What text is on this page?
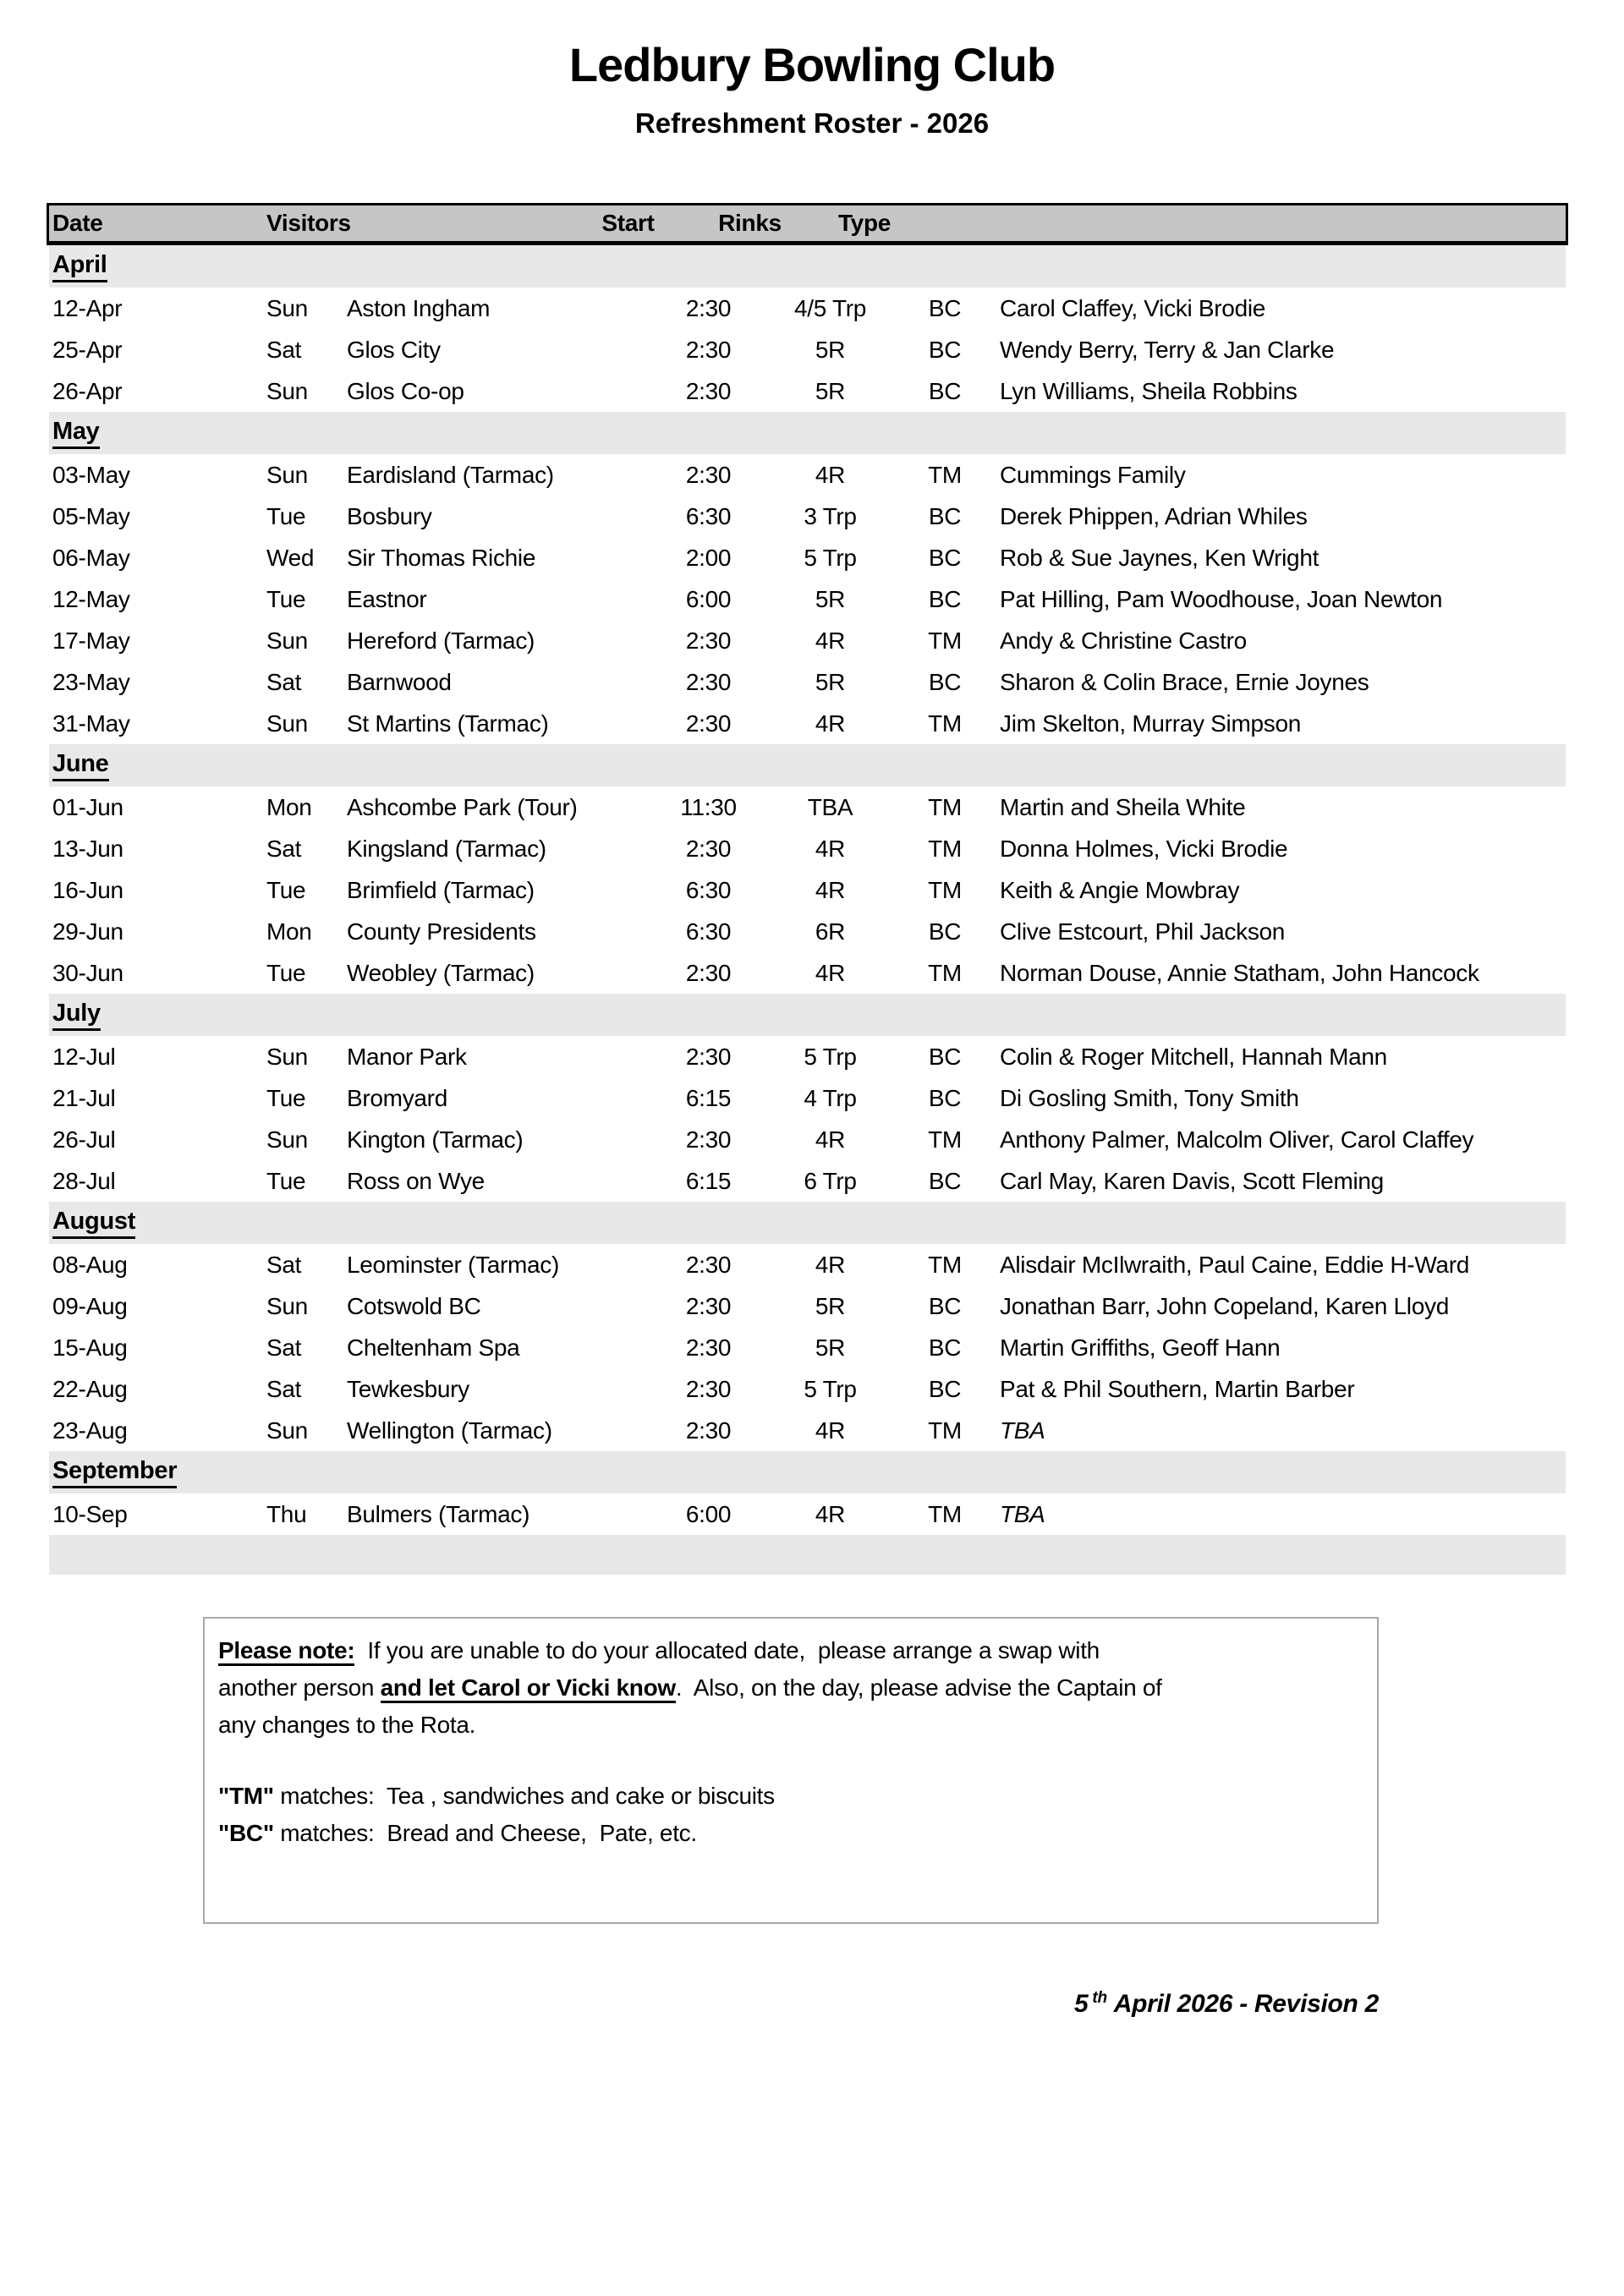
Ledbury Bowling Club
Refreshment Roster - 2026
Date	Visitors	Start	Rinks	Type
April
12-Apr	Sun	Aston Ingham	2:30	4/5 Trp	BC	Carol Claffey, Vicki Brodie
25-Apr	Sat	Glos City	2:30	5R	BC	Wendy Berry, Terry & Jan Clarke
26-Apr	Sun	Glos Co-op	2:30	5R	BC	Lyn Williams, Sheila Robbins
May
03-May	Sun	Eardisland (Tarmac)	2:30	4R	TM	Cummings Family
05-May	Tue	Bosbury	6:30	3 Trp	BC	Derek Phippen, Adrian Whiles
06-May	Wed	Sir Thomas Richie	2:00	5 Trp	BC	Rob & Sue Jaynes, Ken Wright
12-May	Tue	Eastnor	6:00	5R	BC	Pat Hilling, Pam Woodhouse, Joan Newton
17-May	Sun	Hereford (Tarmac)	2:30	4R	TM	Andy & Christine Castro
23-May	Sat	Barnwood	2:30	5R	BC	Sharon & Colin Brace, Ernie Joynes
31-May	Sun	St Martins (Tarmac)	2:30	4R	TM	Jim Skelton, Murray Simpson
June
01-Jun	Mon	Ashcombe Park (Tour)	11:30	TBA	TM	Martin and Sheila White
13-Jun	Sat	Kingsland (Tarmac)	2:30	4R	TM	Donna Holmes, Vicki Brodie
16-Jun	Tue	Brimfield (Tarmac)	6:30	4R	TM	Keith & Angie Mowbray
29-Jun	Mon	County Presidents	6:30	6R	BC	Clive Estcourt, Phil Jackson
30-Jun	Tue	Weobley (Tarmac)	2:30	4R	TM	Norman Douse, Annie Statham, John Hancock
July
12-Jul	Sun	Manor Park	2:30	5 Trp	BC	Colin & Roger Mitchell, Hannah Mann
21-Jul	Tue	Bromyard	6:15	4 Trp	BC	Di Gosling Smith, Tony Smith
26-Jul	Sun	Kington (Tarmac)	2:30	4R	TM	Anthony Palmer, Malcolm Oliver, Carol Claffey
28-Jul	Tue	Ross on Wye	6:15	6 Trp	BC	Carl May, Karen Davis, Scott Fleming
August
08-Aug	Sat	Leominster (Tarmac)	2:30	4R	TM	Alisdair McIlwraith, Paul Caine, Eddie H-Ward
09-Aug	Sun	Cotswold BC	2:30	5R	BC	Jonathan Barr, John Copeland, Karen Lloyd
15-Aug	Sat	Cheltenham Spa	2:30	5R	BC	Martin Griffiths, Geoff Hann
22-Aug	Sat	Tewkesbury	2:30	5 Trp	BC	Pat & Phil Southern, Martin Barber
23-Aug	Sun	Wellington (Tarmac)	2:30	4R	TM	TBA
September
10-Sep	Thu	Bulmers (Tarmac)	6:00	4R	TM	TBA
Please note:  If you are unable to do your allocated date,  please arrange a swap with
another person and let Carol or Vicki know.  Also, on the day, please advise the Captain of
any changes to the Rota.
"TM" matches:  Tea , sandwiches and cake or biscuits
"BC" matches:  Bread and Cheese,  Pate, etc.
5 $^{th}$ April 2026 - Revision 2
